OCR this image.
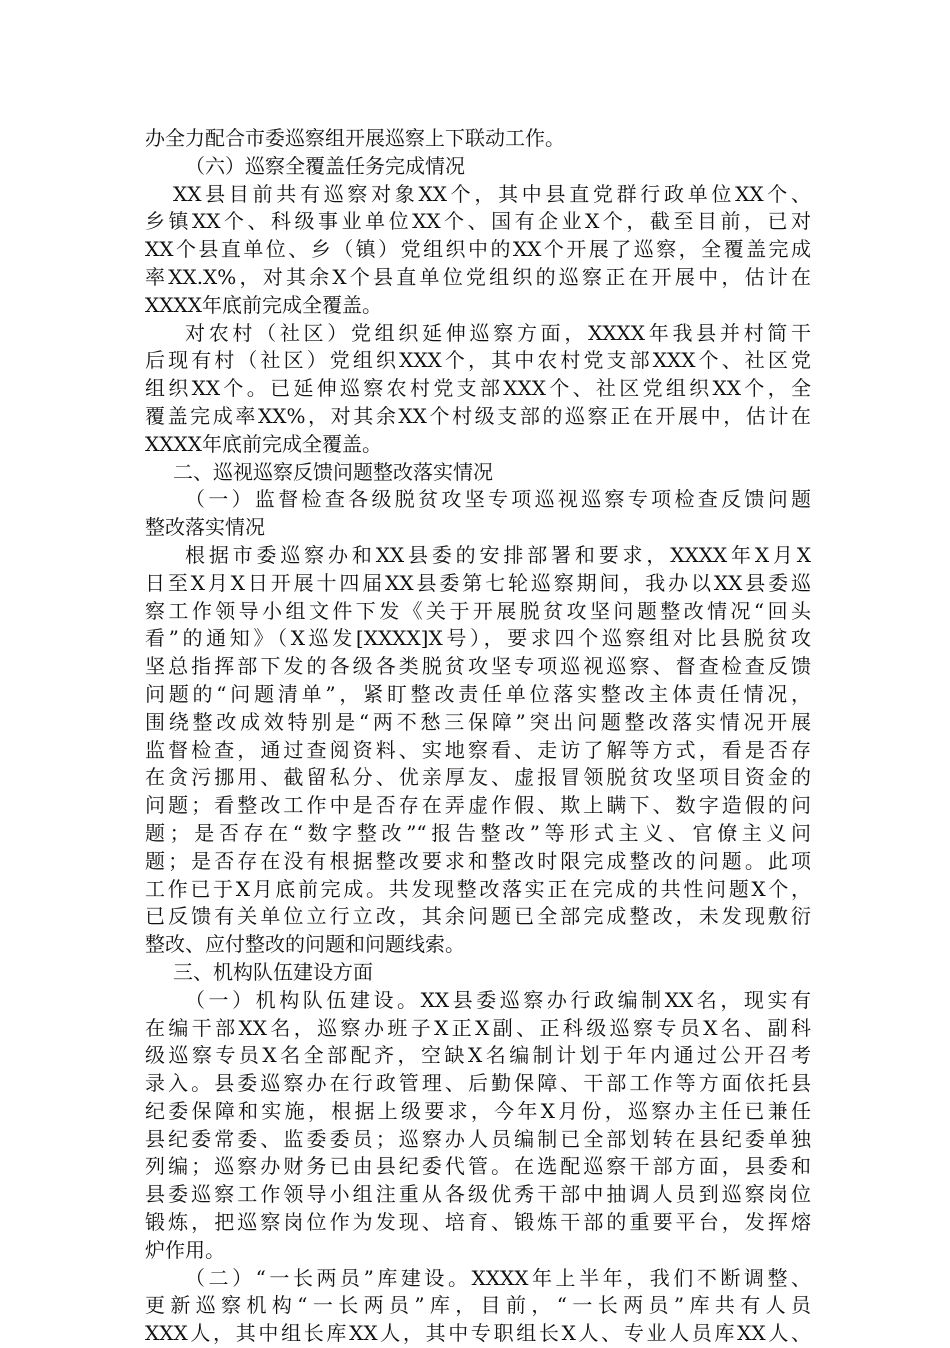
办全力配合市委巡察组开展巡察上下联动工作。
（六）巡察全覆盖任务完成情况
XX县目前共有巡察对象XX个，其中县直党群行政单位XX个、
乡镇XX个、科级事业单位XX个、国有企业X个，截至目前，已对
XX个县直单位、乡（镇）党组织中的XX个开展了巡察，全覆盖完成
率XX.X%，对其余X个县直单位党组织的巡察正在开展中，估计在
XXXX年底前完成全覆盖。
对农村（社区）党组织延伸巡察方面，XXXX年我县并村简干
后现有村（社区）党组织XXX个，其中农村党支部XXX个、社区党
组织XX个。已延伸巡察农村党支部XXX个、社区党组织XX个，全
覆盖完成率XX%，对其余XX个村级支部的巡察正在开展中，估计在
XXXX年底前完成全覆盖。
二、巡视巡察反馈问题整改落实情况
（一）监督检查各级脱贫攻坚专项巡视巡察专项检查反馈问题
整改落实情况
根据市委巡察办和XX县委的安排部署和要求，XXXX年X月X
日至X月X日开展十四届XX县委第七轮巡察期间，我办以XX县委巡
察工作领导小组文件下发《关于开展脱贫攻坚问题整改情况“回头
看”的通知》（X巡发[XXXX]X号），要求四个巡察组对比县脱贫攻
坚总指挥部下发的各级各类脱贫攻坚专项巡视巡察、督查检查反馈
问题的“问题清单”，紧盯整改责任单位落实整改主体责任情况，
围绕整改成效特别是“两不愁三保障”突出问题整改落实情况开展
监督检查，通过查阅资料、实地察看、走访了解等方式，看是否存
在贪污挪用、截留私分、优亲厚友、虚报冒领脱贫攻坚项目资金的
问题；看整改工作中是否存在弄虚作假、欺上瞒下、数字造假的问
题；是否存在“数字整改”“报告整改”等形式主义、官僚主义问
题；是否存在没有根据整改要求和整改时限完成整改的问题。此项
工作已于X月底前完成。共发现整改落实正在完成的共性问题X个，
已反馈有关单位立行立改，其余问题已全部完成整改，未发现敷衍
整改、应付整改的问题和问题线索。
三、机构队伍建设方面
（一）机构队伍建设。XX县委巡察办行政编制XX名，现实有
在编干部XX名，巡察办班子X正X副、正科级巡察专员X名、副科
级巡察专员X名全部配齐，空缺X名编制计划于年内通过公开召考
录入。县委巡察办在行政管理、后勤保障、干部工作等方面依托县
纪委保障和实施，根据上级要求，今年X月份，巡察办主任已兼任
县纪委常委、监委委员；巡察办人员编制已全部划转在县纪委单独
列编；巡察办财务已由县纪委代管。在选配巡察干部方面，县委和
县委巡察工作领导小组注重从各级优秀干部中抽调人员到巡察岗位
锻炼，把巡察岗位作为发现、培育、锻炼干部的重要平台，发挥熔
炉作用。
（二）“一长两员”库建设。XXXX年上半年，我们不断调整、
更新巡察机构“一长两员”库，目前，“一长两员”库共有人员
XXX人，其中组长库XX人，其中专职组长X人、专业人员库XX人、
